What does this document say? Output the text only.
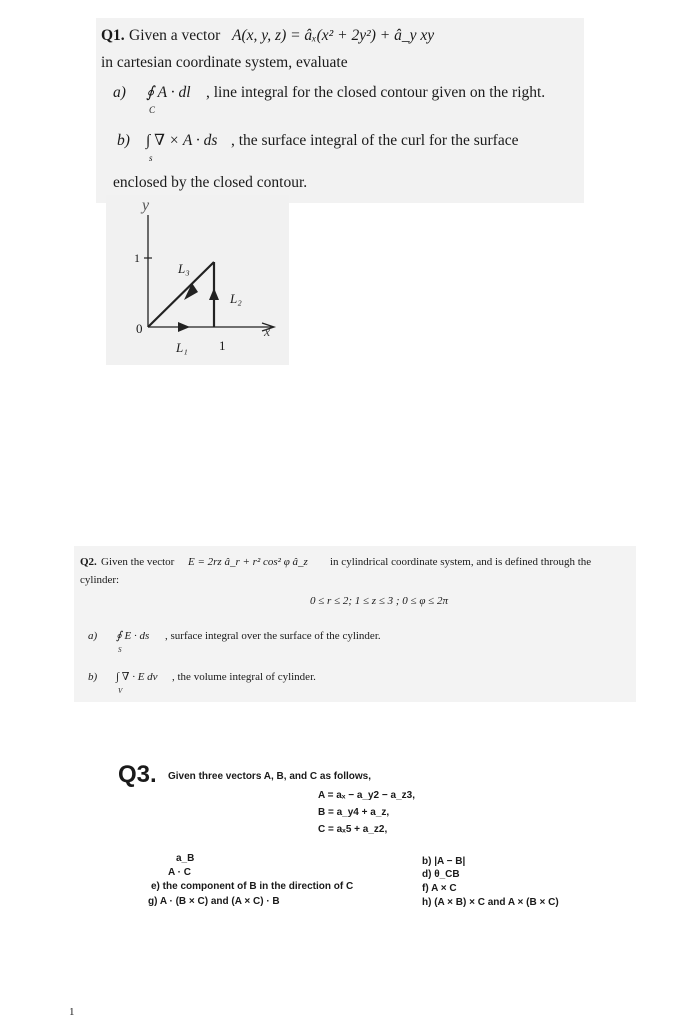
Q1. Given a vector A(x, y, z) = âₓ(x² + 2y²) + â_y xy
in cartesian coordinate system, evaluate
a) ∮ A · dl , line integral for the closed contour given on the right.
C
b) ∫ ∇ × A · ds , the surface integral of the curl for the surface
s
enclosed by the closed contour.
y
x
1
0
1
L₁
L₂
L₃
Q2. Given the vector E = 2rz â_r + r² cos² φ â_z in cylindrical coordinate system, and is defined through the
cylinder:
0 ≤ r ≤ 2; 1 ≤ z ≤ 3 ; 0 ≤ φ ≤ 2π
a) ∮ E · ds , surface integral over the surface of the cylinder.
S
b) ∫ ∇ · E dv , the volume integral of cylinder.
V
Q3. Given three vectors A, B, and C as follows,
A = aₓ − a_y2 − a_z3,
B = a_y4 + a_z,
C = aₓ5 + a_z2,
a_B
A · C
e) the component of B in the direction of C
g) A · (B × C) and (A × C) · B
b) |A − B|
d) θ_CB
f) A × C
h) (A × B) × C and A × (B × C)
1
